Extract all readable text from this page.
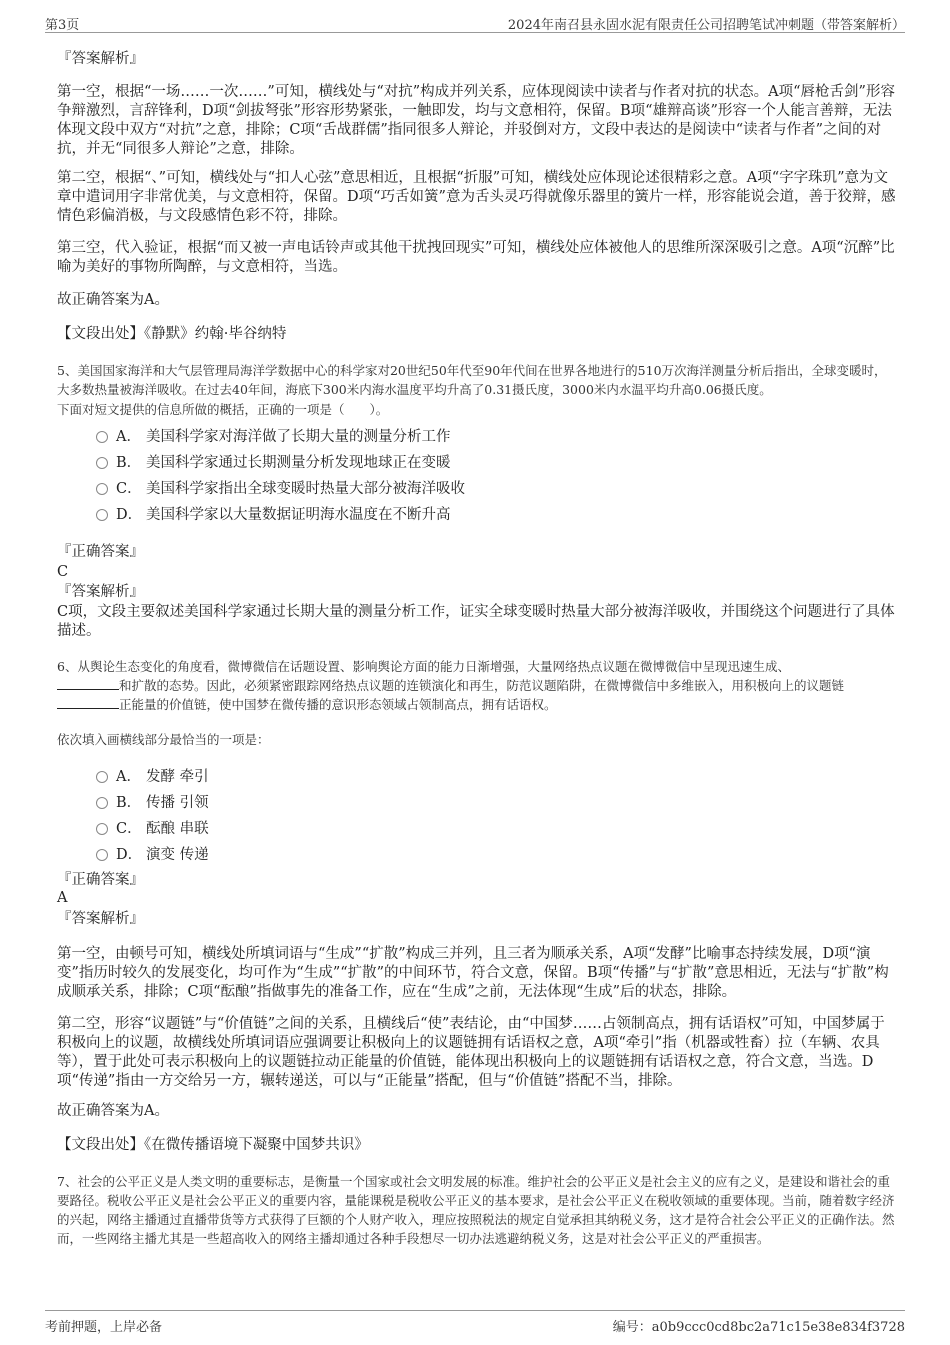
第3页	2024年南召县永固水泥有限责任公司招聘笔试冲刺题（带答案解析）
『答案解析』
第一空，根据“一场……一次……”可知，横线处与“对抗”构成并列关系，应体现阅读中读者与作者对抗的状态。A项“唇枪舌剑”形容争辩激烈，言辞锋利，D项“剑拔弩张”形容形势紧张，一触即发，均与文意相符，保留。B项“雄辩高谈”形容一个人能言善辩，无法体现文段中双方“对抗”之意，排除；C项“舌战群儒”指同很多人辩论，并驳倒对方，文段中表达的是阅读中“读者与作者”之间的对抗，并无“同很多人辩论”之意，排除。
第二空，根据“、”可知，横线处与“扣人心弦”意思相近，且根据“折服”可知，横线处应体现论述很精彩之意。A项“字字珠玑”意为文章中遣词用字非常优美，与文意相符，保留。D项“巧舌如簧”意为舌头灵巧得就像乐器里的簧片一样，形容能说会道，善于狡辩，感情色彩偏消极，与文段感情色彩不符，排除。
第三空，代入验证，根据“而又被一声电话铃声或其他干扰拽回现实”可知，横线处应体被他人的思维所深深吸引之意。A项“沉醉”比喻为美好的事物所陶醉，与文意相符，当选。
故正确答案为A。
【文段出处】《静默》约翰·毕谷纳特
5、美国国家海洋和大气层管理局海洋学数据中心的科学家对20世纪50年代至90年代间在世界各地进行的510万次海洋测量分析后指出，全球变暖时，大多数热量被海洋吸收。在过去40年间，海底下300米内海水温度平均升高了0.31摄氏度，3000米内水温平均升高0.06摄氏度。
下面对短文提供的信息所做的概括，正确的一项是（　　）。
A． 美国科学家对海洋做了长期大量的测量分析工作
B． 美国科学家通过长期测量分析发现地球正在变暖
C． 美国科学家指出全球变暖时热量大部分被海洋吸收
D． 美国科学家以大量数据证明海水温度在不断升高
『正确答案』
C
『答案解析』
C项，文段主要叙述美国科学家通过长期大量的测量分析工作，证实全球变暖时热量大部分被海洋吸收，并围绕这个问题进行了具体描述。
6、从舆论生态变化的角度看，微博微信在话题设置、影响舆论方面的能力日渐增强，大量网络热点议题在微博微信中呈现迅速生成、
和扩散的态势。因此，必须紧密跟踪网络热点议题的连锁演化和再生，防范议题陷阱，在微博微信中多维嵌入，用积极向上的议题链
正能量的价值链，使中国梦在微传播的意识形态领域占领制高点，拥有话语权。
依次填入画横线部分最恰当的一项是：
A． 发酵 牵引
B． 传播 引领
C． 酝酿 串联
D． 演变 传递
『正确答案』
A
『答案解析』
第一空，由顿号可知，横线处所填词语与“生成”“扩散”构成三并列，且三者为顺承关系，A项“发酵”比喻事态持续发展，D项“演变”指历时较久的发展变化，均可作为“生成”“扩散”的中间环节，符合文意，保留。B项“传播”与“扩散”意思相近，无法与“扩散”构成顺承关系，排除；C项“酝酿”指做事先的准备工作，应在“生成”之前，无法体现“生成”后的状态，排除。
第二空，形容“议题链”与“价值链”之间的关系，且横线后“使”表结论，由“中国梦……占领制高点，拥有话语权”可知，中国梦属于积极向上的议题，故横线处所填词语应强调要让积极向上的议题链拥有话语权之意，A项“牵引”指（机器或牲畜）拉（车辆、农具等），置于此处可表示积极向上的议题链拉动正能量的价值链，能体现出积极向上的议题链拥有话语权之意，符合文意，当选。D项“传递”指由一方交给另一方，辗转递送，可以与“正能量”搭配，但与“价值链”搭配不当，排除。
故正确答案为A。
【文段出处】《在微传播语境下凝聚中国梦共识》
7、社会的公平正义是人类文明的重要标志，是衡量一个国家或社会文明发展的标准。维护社会的公平正义是社会主义的应有之义，是建设和谐社会的重要路径。税收公平正义是社会公平正义的重要内容，量能课税是税收公平正义的基本要求，是社会公平正义在税收领域的重要体现。当前，随着数字经济的兴起，网络主播通过直播带货等方式获得了巨额的个人财产收入，理应按照税法的规定自觉承担其纳税义务，这才是符合社会公平正义的正确作法。然而，一些网络主播尤其是一些超高收入的网络主播却通过各种手段想尽一切办法逃避纳税义务，这是对社会公平正义的严重损害。
考前押题，上岸必备	编号：a0b9ccc0cd8bc2a71c15e38e834f3728
